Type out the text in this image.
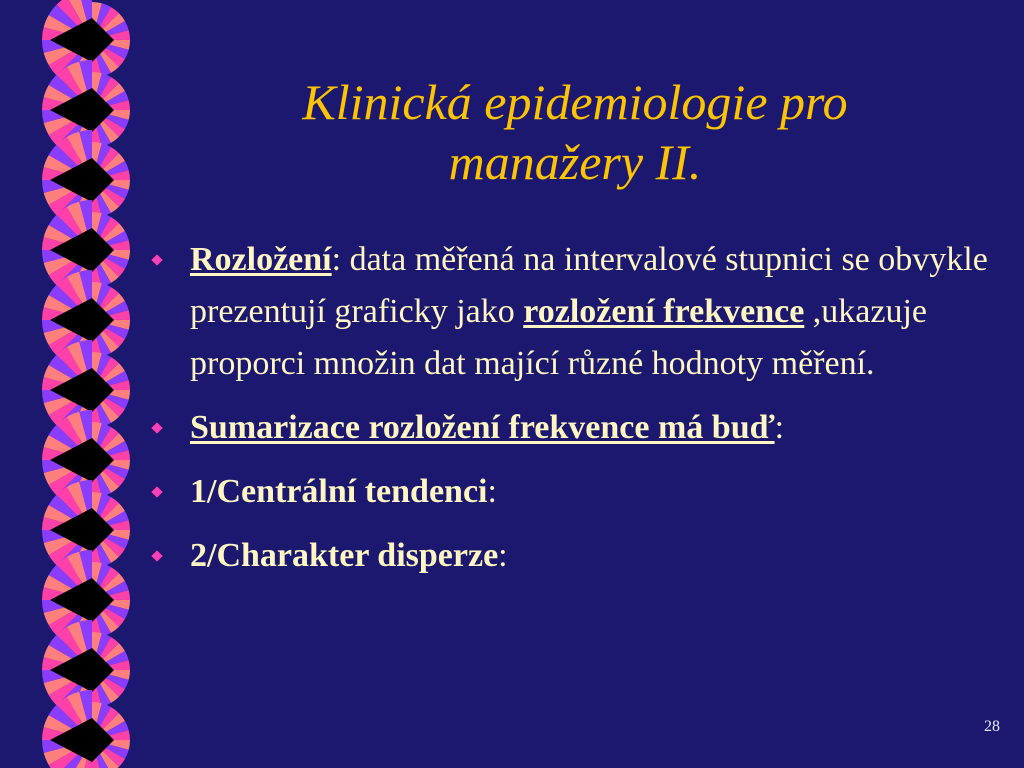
Klinická epidemiologie pro
manažery II.
Rozložení: data měřená na intervalové stupnici se obvykle prezentují graficky jako rozložení frekvence ,ukazuje proporci množin dat mající různé hodnoty měření.
Sumarizace rozložení frekvence má buď:
1/Centrální tendenci:
2/Charakter disperze:
28
